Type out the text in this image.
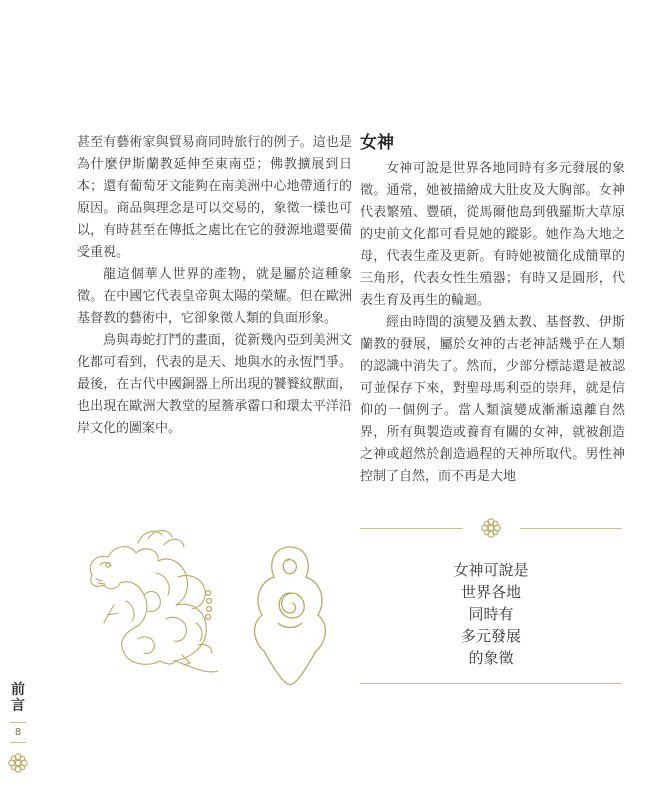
甚至有藝術家與貿易商同時旅行的例子。這也是為什麼伊斯蘭教延伸至東南亞；佛教擴展到日本；還有葡萄牙文能夠在南美洲中心地帶通行的原因。商品與理念是可以交易的，象徵一樣也可以，有時甚至在傳抵之處比在它的發源地還要備受重視。

龍這個華人世界的產物，就是屬於這種象徵。在中國它代表皇帝與太陽的榮耀。但在歐洲基督教的藝術中，它卻象徵人類的負面形象。

鳥與毒蛇打鬥的畫面，從新幾內亞到美洲文化都可看到，代表的是天、地與水的永恆鬥爭。最後，在古代中國銅器上所出現的饕餮紋獸面，也出現在歐洲大教堂的屋簷承霤口和環太平洋沿岸文化的圖案中。

女神

女神可說是世界各地同時有多元發展的象徵。通常，她被描繪成大肚皮及大胸部。女神代表繁殖、豐碩，從馬爾他島到俄羅斯大草原的史前文化都可看見她的蹤影。她作為大地之母，代表生產及更新。有時她被簡化成簡單的三角形，代表女性生殖器；有時又是圓形，代表生育及再生的輪迴。

經由時間的演變及猶太教、基督教、伊斯蘭教的發展，屬於女神的古老神話幾乎在人類的認識中消失了。然而，少部分標誌還是被認可並保存下來，對聖母馬利亞的崇拜，就是信仰的一個例子。當人類演變成漸漸遠離自然界，所有與製造或養育有關的女神，就被創造之神或超然於創造過程的天神所取代。男性神控制了自然，而不再是大地

女神可說是
世界各地
同時有
多元發展
的象徵
前言
8
